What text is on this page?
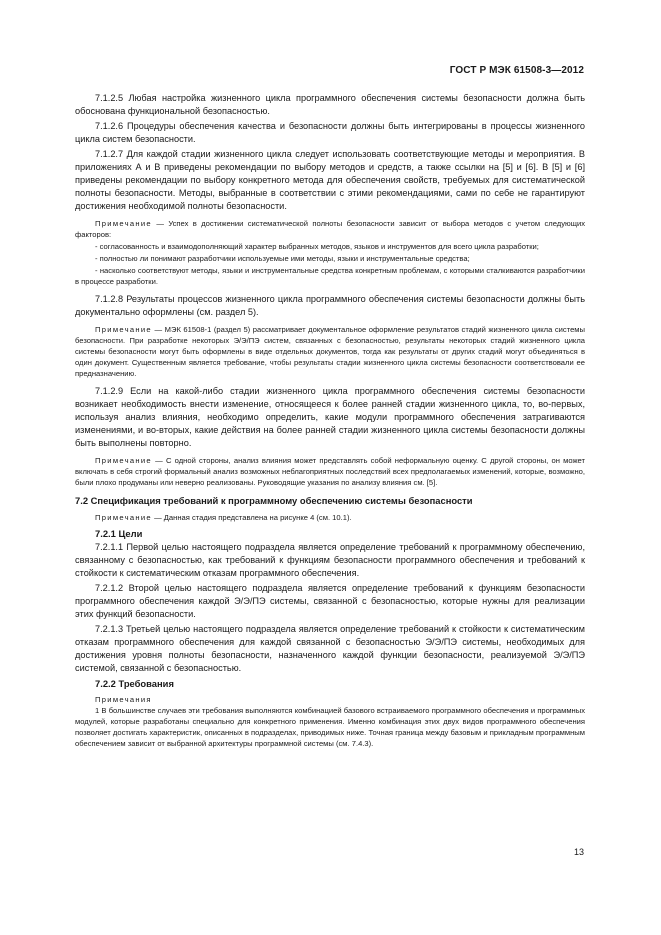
ГОСТ Р МЭК 61508-3—2012

7.1.2.5 Любая настройка жизненного цикла программного обеспечения системы безопасности должна быть обоснована функциональной безопасностью.

7.1.2.6 Процедуры обеспечения качества и безопасности должны быть интегрированы в процессы жизненного цикла систем безопасности.

7.1.2.7 Для каждой стадии жизненного цикла следует использовать соответствующие методы и мероприятия. В приложениях А и В приведены рекомендации по выбору методов и средств, а также ссылки на [5] и [6]. В [5] и [6] приведены рекомендации по выбору конкретного метода для обеспечения свойств, требуемых для систематической полноты безопасности. Методы, выбранные в соответствии с этими рекомендациями, сами по себе не гарантируют достижения необходимой полноты безопасности.

Примечание — Успех в достижении систематической полноты безопасности зависит от выбора методов с учетом следующих факторов:

- согласованность и взаимодополняющий характер выбранных методов, языков и инструментов для всего цикла разработки;

- полностью ли понимают разработчики используемые ими методы, языки и инструментальные средства;

- насколько соответствуют методы, языки и инструментальные средства конкретным проблемам, с которыми сталкиваются разработчики в процессе разработки.

7.1.2.8 Результаты процессов жизненного цикла программного обеспечения системы безопасности должны быть документально оформлены (см. раздел 5).

Примечание — МЭК 61508-1 (раздел 5) рассматривает документальное оформление результатов стадий жизненного цикла системы безопасности. При разработке некоторых Э/Э/ПЭ систем, связанных с безопасностью, результаты некоторых стадий жизненного цикла системы безопасности могут быть оформлены в виде отдельных документов, тогда как результаты от других стадий могут объединяться в один документ. Существенным является требование, чтобы результаты стадии жизненного цикла системы безопасности соответствовали ее предназначению.

7.1.2.9 Если на какой-либо стадии жизненного цикла программного обеспечения системы безопасности возникает необходимость внести изменение, относящееся к более ранней стадии жизненного цикла, то, во-первых, используя анализ влияния, необходимо определить, какие модули программного обеспечения затрагиваются изменениями, и во-вторых, какие действия на более ранней стадии жизненного цикла системы безопасности должны быть выполнены повторно.

Примечание — С одной стороны, анализ влияния может представлять собой неформальную оценку. С другой стороны, он может включать в себя строгий формальный анализ возможных неблагоприятных последствий всех предполагаемых изменений, которые, возможно, были плохо продуманы или неверно реализованы. Руководящие указания по анализу влияния см. [5].

7.2 Спецификация требований к программному обеспечению системы безопасности

Примечание — Данная стадия представлена на рисунке 4 (см. 10.1).

7.2.1 Цели

7.2.1.1 Первой целью настоящего подраздела является определение требований к программному обеспечению, связанному с безопасностью, как требований к функциям безопасности программного обеспечения и требований к стойкости к систематическим отказам программного обеспечения.

7.2.1.2 Второй целью настоящего подраздела является определение требований к функциям безопасности программного обеспечения каждой Э/Э/ПЭ системы, связанной с безопасностью, которые нужны для реализации этих функций безопасности.

7.2.1.3 Третьей целью настоящего подраздела является определение требований к стойкости к систематическим отказам программного обеспечения для каждой связанной с безопасностью Э/Э/ПЭ системы, необходимых для достижения уровня полноты безопасности, назначенного каждой функции безопасности, реализуемой Э/Э/ПЭ системой, связанной с безопасностью.

7.2.2 Требования

Примечания

1 В большинстве случаев эти требования выполняются комбинацией базового встраиваемого программного обеспечения и программных модулей, которые разработаны специально для конкретного применения. Именно комбинация этих двух видов программного обеспечения позволяет достигать характеристик, описанных в подразделах, приводимых ниже. Точная граница между базовым и прикладным программным обеспечением зависит от выбранной архитектуры программной системы (см. 7.4.3).

13
